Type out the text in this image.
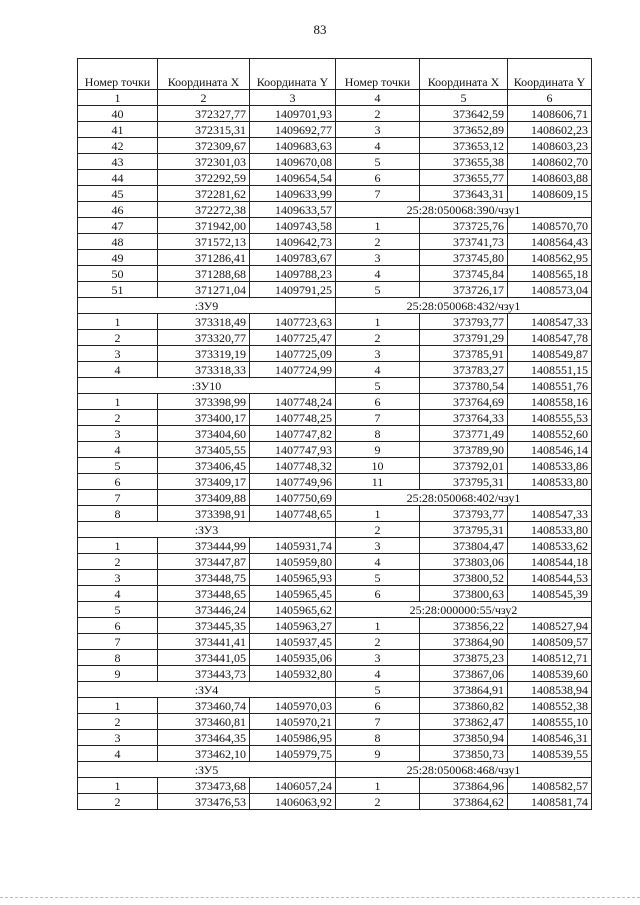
83
Номер точки	Координата X	Координата Y	Номер точки	Координата X	Координата Y
1	2	3	4	5	6
40	372327,77	1409701,93	2	373642,59	1408606,71
41	372315,31	1409692,77	3	373652,89	1408602,23
42	372309,67	1409683,63	4	373653,12	1408603,23
43	372301,03	1409670,08	5	373655,38	1408602,70
44	372292,59	1409654,54	6	373655,77	1408603,88
45	372281,62	1409633,99	7	373643,31	1408609,15
46	372272,38	1409633,57	25:28:050068:390/чзу1		
47	371942,00	1409743,58	1	373725,76	1408570,70
48	371572,13	1409642,73	2	373741,73	1408564,43
49	371286,41	1409783,67	3	373745,80	1408562,95
50	371288,68	1409788,23	4	373745,84	1408565,18
51	371271,04	1409791,25	5	373726,17	1408573,04
:ЗУ9			25:28:050068:432/чзу1		
1	373318,49	1407723,63	1	373793,77	1408547,33
2	373320,77	1407725,47	2	373791,29	1408547,78
3	373319,19	1407725,09	3	373785,91	1408549,87
4	373318,33	1407724,99	4	373783,27	1408551,15
:ЗУ10			5	373780,54	1408551,76
1	373398,99	1407748,24	6	373764,69	1408558,16
2	373400,17	1407748,25	7	373764,33	1408555,53
3	373404,60	1407747,82	8	373771,49	1408552,60
4	373405,55	1407747,93	9	373789,90	1408546,14
5	373406,45	1407748,32	10	373792,01	1408533,86
6	373409,17	1407749,96	11	373795,31	1408533,80
7	373409,88	1407750,69	25:28:050068:402/чзу1		
8	373398,91	1407748,65	1	373793,77	1408547,33
:ЗУ3			2	373795,31	1408533,80
1	373444,99	1405931,74	3	373804,47	1408533,62
2	373447,87	1405959,80	4	373803,06	1408544,18
3	373448,75	1405965,93	5	373800,52	1408544,53
4	373448,65	1405965,45	6	373800,63	1408545,39
5	373446,24	1405965,62	25:28:000000:55/чзу2		
6	373445,35	1405963,27	1	373856,22	1408527,94
7	373441,41	1405937,45	2	373864,90	1408509,57
8	373441,05	1405935,06	3	373875,23	1408512,71
9	373443,73	1405932,80	4	373867,06	1408539,60
:ЗУ4			5	373864,91	1408538,94
1	373460,74	1405970,03	6	373860,82	1408552,38
2	373460,81	1405970,21	7	373862,47	1408555,10
3	373464,35	1405986,95	8	373850,94	1408546,31
4	373462,10	1405979,75	9	373850,73	1408539,55
:ЗУ5			25:28:050068:468/чзу1		
1	373473,68	1406057,24	1	373864,96	1408582,57
2	373476,53	1406063,92	2	373864,62	1408581,74
